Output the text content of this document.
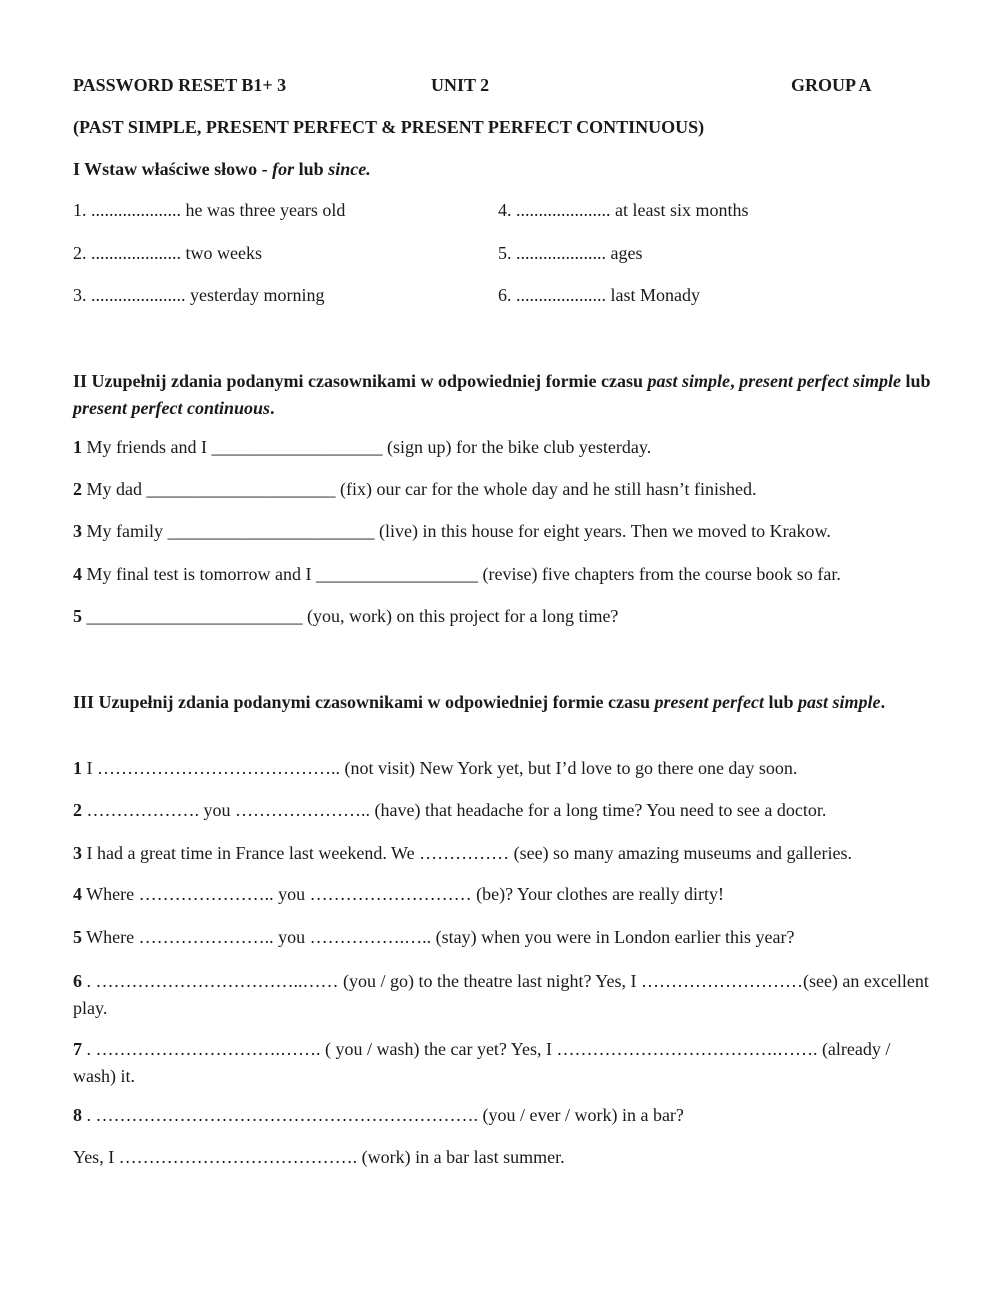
PASSWORD RESET B1+ 3	UNIT 2	GROUP A
(PAST SIMPLE, PRESENT PERFECT & PRESENT PERFECT CONTINUOUS)
I Wstaw właściwe słowo - for lub since.
1. .................... he was three years old
2. .................... two weeks
3. ..................... yesterday morning
4. ..................... at least six months
5. .................... ages
6. .................... last Monady
II Uzupełnij zdania podanymi czasownikami w odpowiedniej formie czasu past simple, present perfect simple lub present perfect continuous.
1 My friends and I ___________________ (sign up) for the bike club yesterday.
2 My dad _____________________ (fix) our car for the whole day and he still hasn’t finished.
3 My family _______________________ (live) in this house for eight years. Then we moved to Krakow.
4 My final test is tomorrow and I __________________ (revise) five chapters from the course book so far.
5 ________________________ (you, work) on this project for a long time?
III Uzupełnij zdania podanymi czasownikami w odpowiedniej formie czasu present perfect lub past simple.
1 I ………………………………….. (not visit) New York yet, but I’d love to go there one day soon.
2 ………………. you ………………….. (have) that headache for a long time? You need to see a doctor.
3 I had a great time in France last weekend. We …………… (see) so many amazing museums and galleries.
4 Where ………………….. you ……………………… (be)? Your clothes are really dirty!
5 Where ………………….. you …………….….. (stay) when you were in London earlier this year?
6 . ……………………………..…… (you / go) to the theatre last night? Yes, I ………………………(see) an excellent play.
7 . ………………………….……. ( you / wash) the car yet? Yes, I ……………………………….……. (already / wash) it.
8 . ………………………………………………………. (you / ever / work) in a bar?
Yes, I …………………………………. (work) in a bar last summer.
